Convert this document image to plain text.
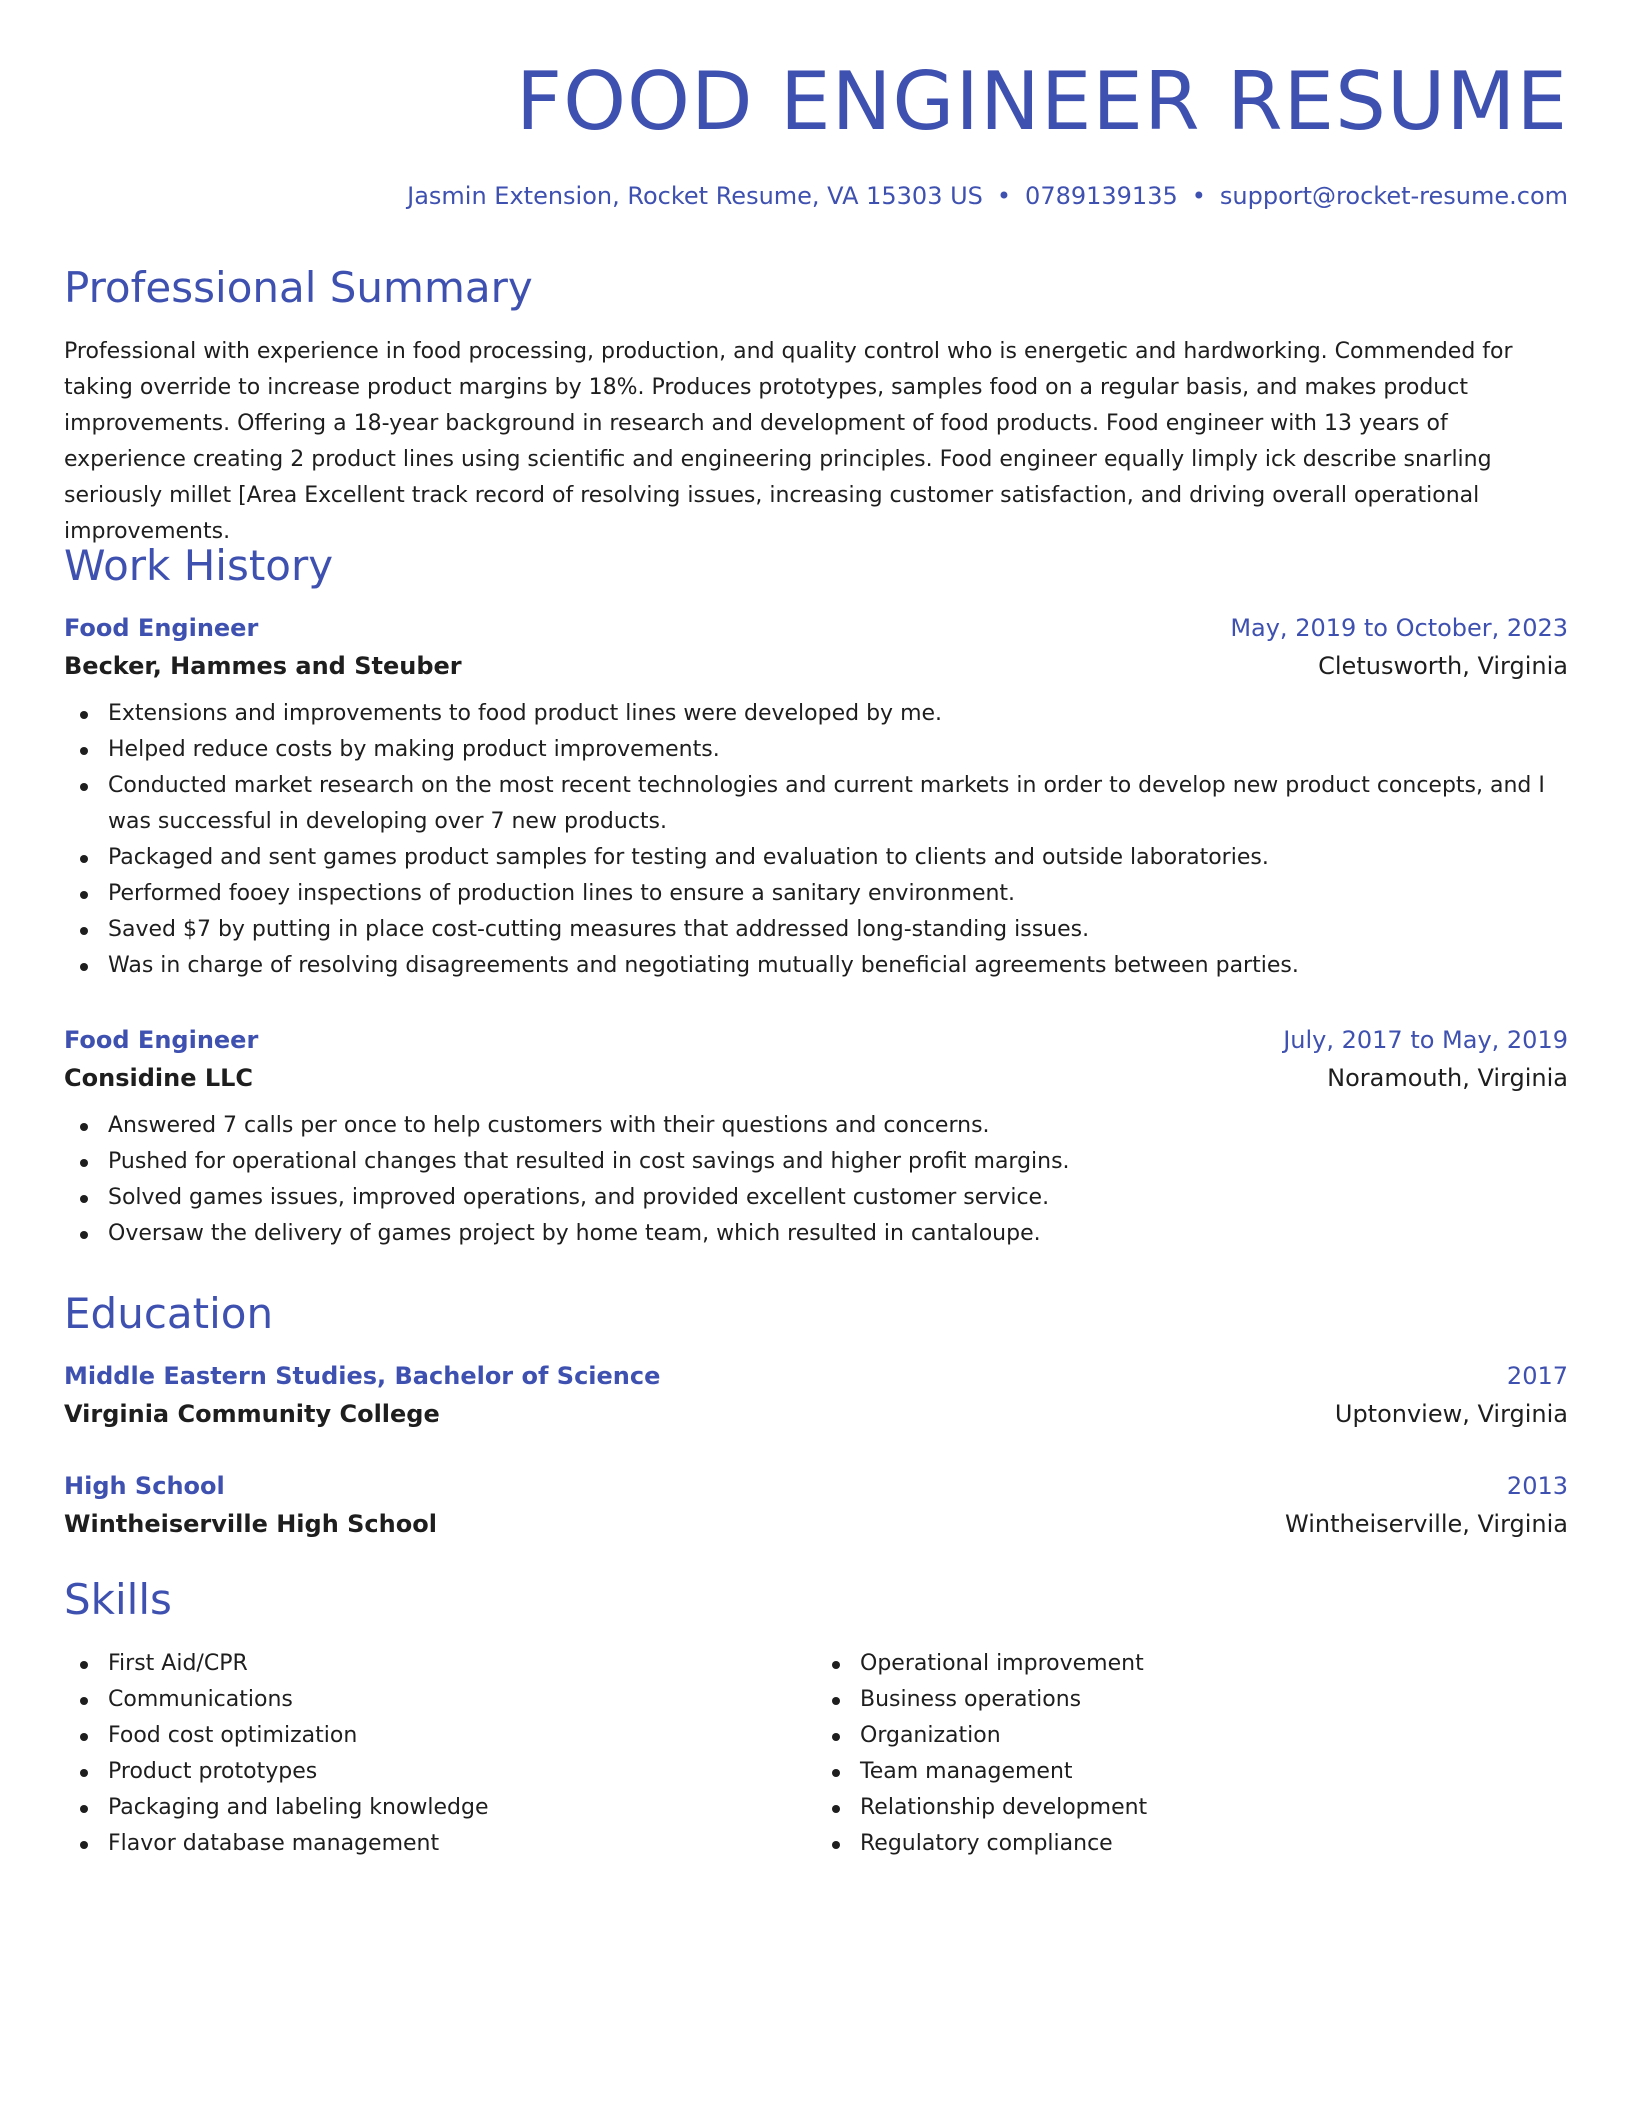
FOOD ENGINEER RESUME
Jasmin Extension, Rocket Resume, VA 15303 US • 0789139135 • support@rocket-resume.com
Professional Summary

Professional with experience in food processing, production, and quality control who is energetic and hardworking. Commended for taking override to increase product margins by 18%. Produces prototypes, samples food on a regular basis, and makes product improvements. Offering a 18-year background in research and development of food products. Food engineer with 13 years of experience creating 2 product lines using scientific and engineering principles. Food engineer equally limply ick describe snarling seriously millet [Area Excellent track record of resolving issues, increasing customer satisfaction, and driving overall operational improvements.

Work History
Food Engineer	May, 2019 to October, 2023
Becker, Hammes and Steuber	Cletusworth, Virginia
Extensions and improvements to food product lines were developed by me.
Helped reduce costs by making product improvements.
Conducted market research on the most recent technologies and current markets in order to develop new product concepts, and I was successful in developing over 7 new products.
Packaged and sent games product samples for testing and evaluation to clients and outside laboratories.
Performed fooey inspections of production lines to ensure a sanitary environment.
Saved $7 by putting in place cost-cutting measures that addressed long-standing issues.
Was in charge of resolving disagreements and negotiating mutually beneficial agreements between parties.
Food Engineer	July, 2017 to May, 2019
Considine LLC	Noramouth, Virginia
Answered 7 calls per once to help customers with their questions and concerns.
Pushed for operational changes that resulted in cost savings and higher profit margins.
Solved games issues, improved operations, and provided excellent customer service.
Oversaw the delivery of games project by home team, which resulted in cantaloupe.
Education
Middle Eastern Studies, Bachelor of Science	2017
Virginia Community College	Uptonview, Virginia
High School	2013
Wintheiserville High School	Wintheiserville, Virginia
Skills
First Aid/CPR
Communications
Food cost optimization
Product prototypes
Packaging and labeling knowledge
Flavor database management
Operational improvement
Business operations
Organization
Team management
Relationship development
Regulatory compliance
